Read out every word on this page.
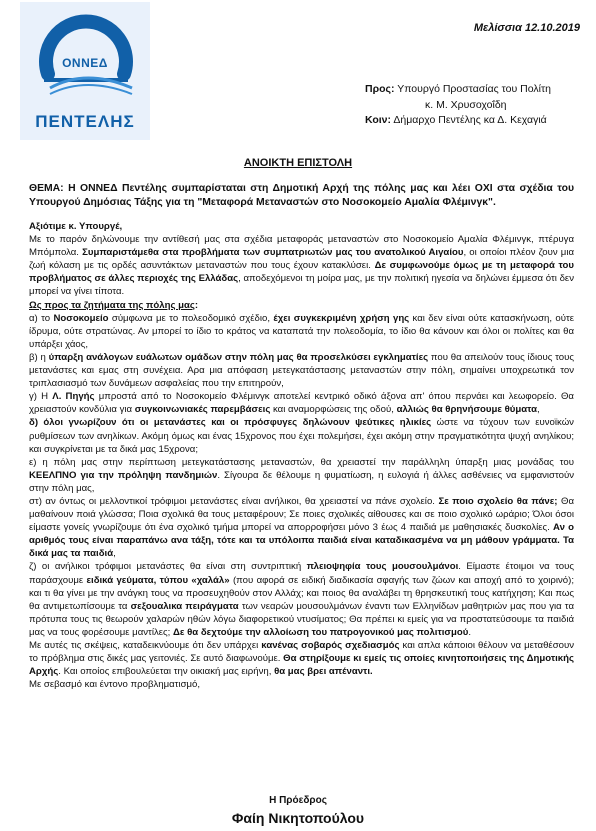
ΟΝΝΕΔ
ΠΕΝΤΕΛΗΣ
Μελίσσια 12.10.2019
Προς: Υπουργό Προστασίας του Πολίτη
κ. Μ. Χρυσοχοΐδη
Κοιν: Δήμαρχο Πεντέλης κα Δ. Κεχαγιά
ΑΝΟΙΚΤΗ ΕΠΙΣΤΟΛΗ

ΘΕΜΑ: Η ΟΝΝΕΔ Πεντέλης συμπαρίσταται στη Δημοτική Αρχή της πόλης μας και λέει ΟΧΙ στα σχέδια του Υπουργού Δημόσιας Τάξης για τη "Μεταφορά Μεταναστών στο Νοσοκομείο Αμαλία Φλέμινγκ".

Αξιότιμε κ. Υπουργέ,

Με το παρόν δηλώνουμε την αντίθεσή μας στα σχέδια μεταφοράς μεταναστών στο Νοσοκομείο Αμαλία Φλέμινγκ, πτέρυγα Μπόμπολα. Συμπαριστάμεθα στα προβλήματα των συμπατριωτών μας του ανατολικού Αιγαίου, οι οποίοι πλέον ζουν μια ζωή κόλαση με τις ορδές ασυντάκτων μεταναστών που τους έχουν κατακλύσει. Δε συμφωνούμε όμως με τη μεταφορά του προβλήματος σε άλλες περιοχές της Ελλάδας, αποδεχόμενοι τη μοίρα μας, με την πολιτική ηγεσία να δηλώνει έμμεσα ότι δεν μπορεί να γίνει τίποτα.

Ως προς τα ζητήματα της πόλης μας:

α) το Νοσοκομείο σύμφωνα με το πολεοδομικό σχέδιο, έχει συγκεκριμένη χρήση γης και δεν είναι ούτε κατασκήνωση, ούτε ίδρυμα, ούτε στρατώνας. Αν μπορεί το ίδιο το κράτος να καταπατά την πολεοδομία, το ίδιο θα κάνουν και όλοι οι πολίτες και θα υπάρξει χάος,

β) η ύπαρξη ανάλογων ευάλωτων ομάδων στην πόλη μας θα προσελκύσει εγκληματίες που θα απειλούν τους ίδιους τους μετανάστες και εμας στη συνέχεια. Αρα μια απόφαση μετεγκατάστασης μεταναστών στην πόλη, σημαίνει υποχρεωτικά τον τριπλασιασμό των δυνάμεων ασφαλείας που την επιτηρούν,

γ) Η Λ. Πηγής μπροστά από το Νοσοκομείο Φλέμινγκ αποτελεί κεντρικό οδικό άξονα απ' όπου περνάει και λεωφορείο. Θα χρειαστούν κονδύλια για συγκοινωνιακές παρεμβάσεις και αναμορφώσεις της οδού, αλλιώς θα θρηνήσουμε θύματα,

δ) όλοι γνωρίζουν ότι οι μετανάστες και οι πρόσφυγες δηλώνουν ψεύτικες ηλικίες ώστε να τύχουν των ευνοϊκών ρυθμίσεων των ανηλίκων. Ακόμη όμως και ένας 15χρονος που έχει πολεμήσει, έχει ακόμη στην πραγματικότητα ψυχή ανηλίκου; και συγκρίνεται με τα δικά μας 15χρονα;

ε) η πόλη μας στην περίπτωση μετεγκατάστασης μεταναστών, θα χρειαστεί την παράλληλη ύπαρξη μιας μονάδας του ΚΕΕΛΠΝΟ για την πρόληψη πανδημιών. Σίγουρα δε θέλουμε η φυματίωση, η ευλογιά ή άλλες ασθένειες να εμφανιστούν στην πόλη μας,

στ) αν όντως οι μελλοντικοί τρόφιμοι μετανάστες είναι ανήλικοι, θα χρειαστεί να πάνε σχολείο. Σε ποιο σχολείο θα πάνε; Θα μαθαίνουν ποιά γλώσσα; Ποια σχολικά θα τους μεταφέρουν; Σε ποιες σχολικές αίθουσες και σε ποιο σχολικό ωράριο; Όλοι όσοι είμαστε γονείς γνωρίζουμε ότι ένα σχολικό τμήμα μπορεί να απορροφήσει μόνο 3 έως 4 παιδιά με μαθησιακές δυσκολίες. Αν ο αριθμός τους είναι παραπάνω ανα τάξη, τότε και τα υπόλοιπα παιδιά είναι καταδικασμένα να μη μάθουν γράμματα. Τα δικά μας τα παιδιά,

ζ) οι ανήλικοι τρόφιμοι μετανάστες θα είναι στη συντριπτική πλειοψηφία τους μουσουλμάνοι. Είμαστε έτοιμοι να τους παράσχουμε ειδικά γεύματα, τύπου «χαλάλ» (που αφορά σε ειδική διαδικασία σφαγής των ζώων και αποχή από το χοιρινό); και τι θα γίνει με την ανάγκη τους να προσευχηθούν στον Αλλάχ; και ποιος θα αναλάβει τη θρησκευτική τους κατήχηση; Και πως θα αντιμετωπίσουμε τα σεξουαλικα πειράγματα των νεαρών μουσουλμάνων έναντι των Ελληνίδων μαθητριών μας που για τα πρότυπα τους τις θεωρούν χαλαρών ηθών λόγω διαφορετικού ντυσίματος; Θα πρέπει κι εμείς για να προστατεύσουμε τα παιδιά μας να τους φορέσουμε μαντίλες; Δε θα δεχτούμε την αλλοίωση του πατρογονικού μας πολιτισμού.

Με αυτές τις σκέψεις, καταδεικνύουμε ότι δεν υπάρχει κανένας σοβαρός σχεδιασμός και απλα κάποιοι θέλουν να μεταθέσουν το πρόβλημα στις δικές μας γειτονιές. Σε αυτό διαφωνούμε. Θα στηρίξουμε κι εμείς τις οποίες κινητοποιήσεις της Δημοτικής Αρχής. Και οποίος επιβουλεύεται την οικιακή μας ειρήνη, θα μας βρει απέναντι.

Με σεβασμό και έντονο προβληματισμό,

Η Πρόεδρος
Φαίη Νικητοπούλου
